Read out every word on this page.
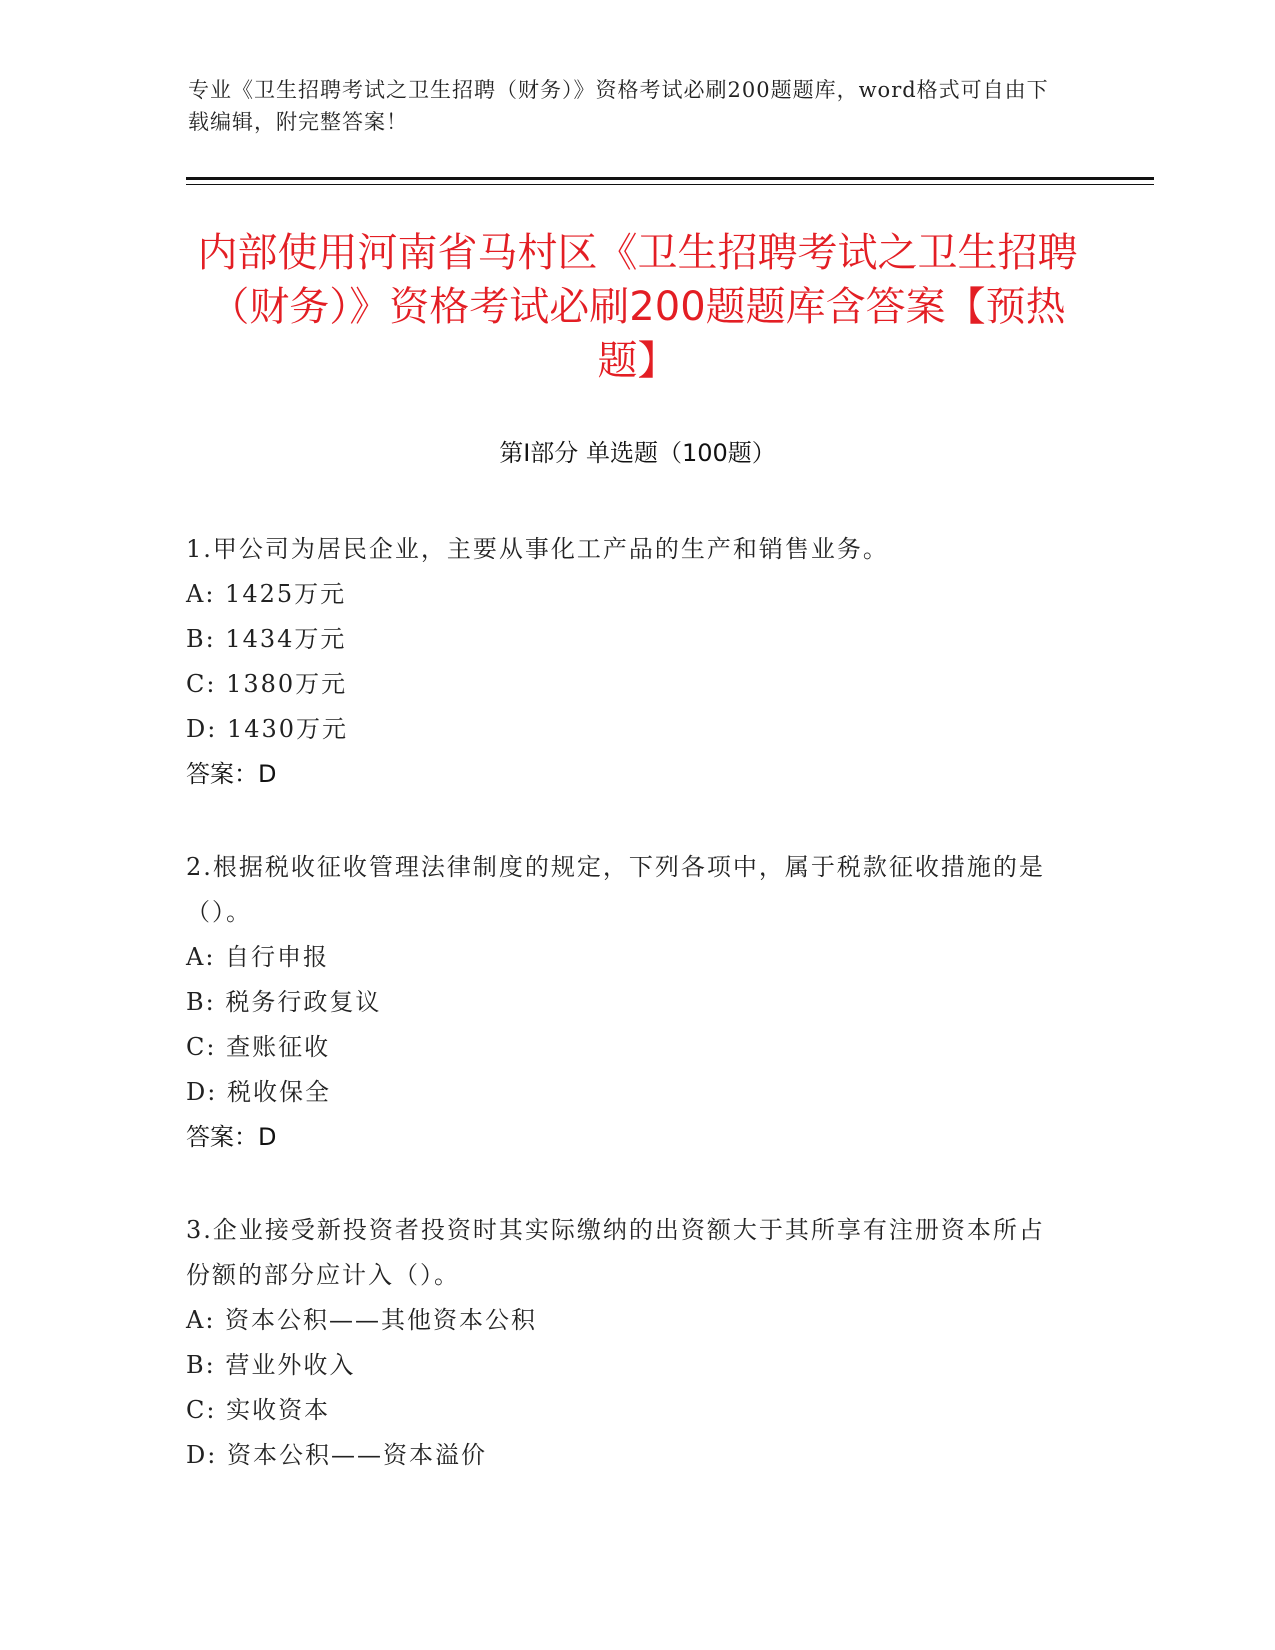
专业《卫生招聘考试之卫生招聘（财务）》资格考试必刷200题题库，word格式可自由下载编辑，附完整答案！
内部使用河南省马村区《卫生招聘考试之卫生招聘（财务）》资格考试必刷200题题库含答案【预热题】
第Ⅰ部分 单选题（100题）
1.甲公司为居民企业，主要从事化工产品的生产和销售业务。
A: 1425万元
B: 1434万元
C: 1380万元
D: 1430万元
答案：D
2.根据税收征收管理法律制度的规定，下列各项中，属于税款征收措施的是（）。
A: 自行申报
B: 税务行政复议
C: 查账征收
D: 税收保全
答案：D
3.企业接受新投资者投资时其实际缴纳的出资额大于其所享有注册资本所占份额的部分应计入（）。
A: 资本公积——其他资本公积
B: 营业外收入
C: 实收资本
D: 资本公积——资本溢价
